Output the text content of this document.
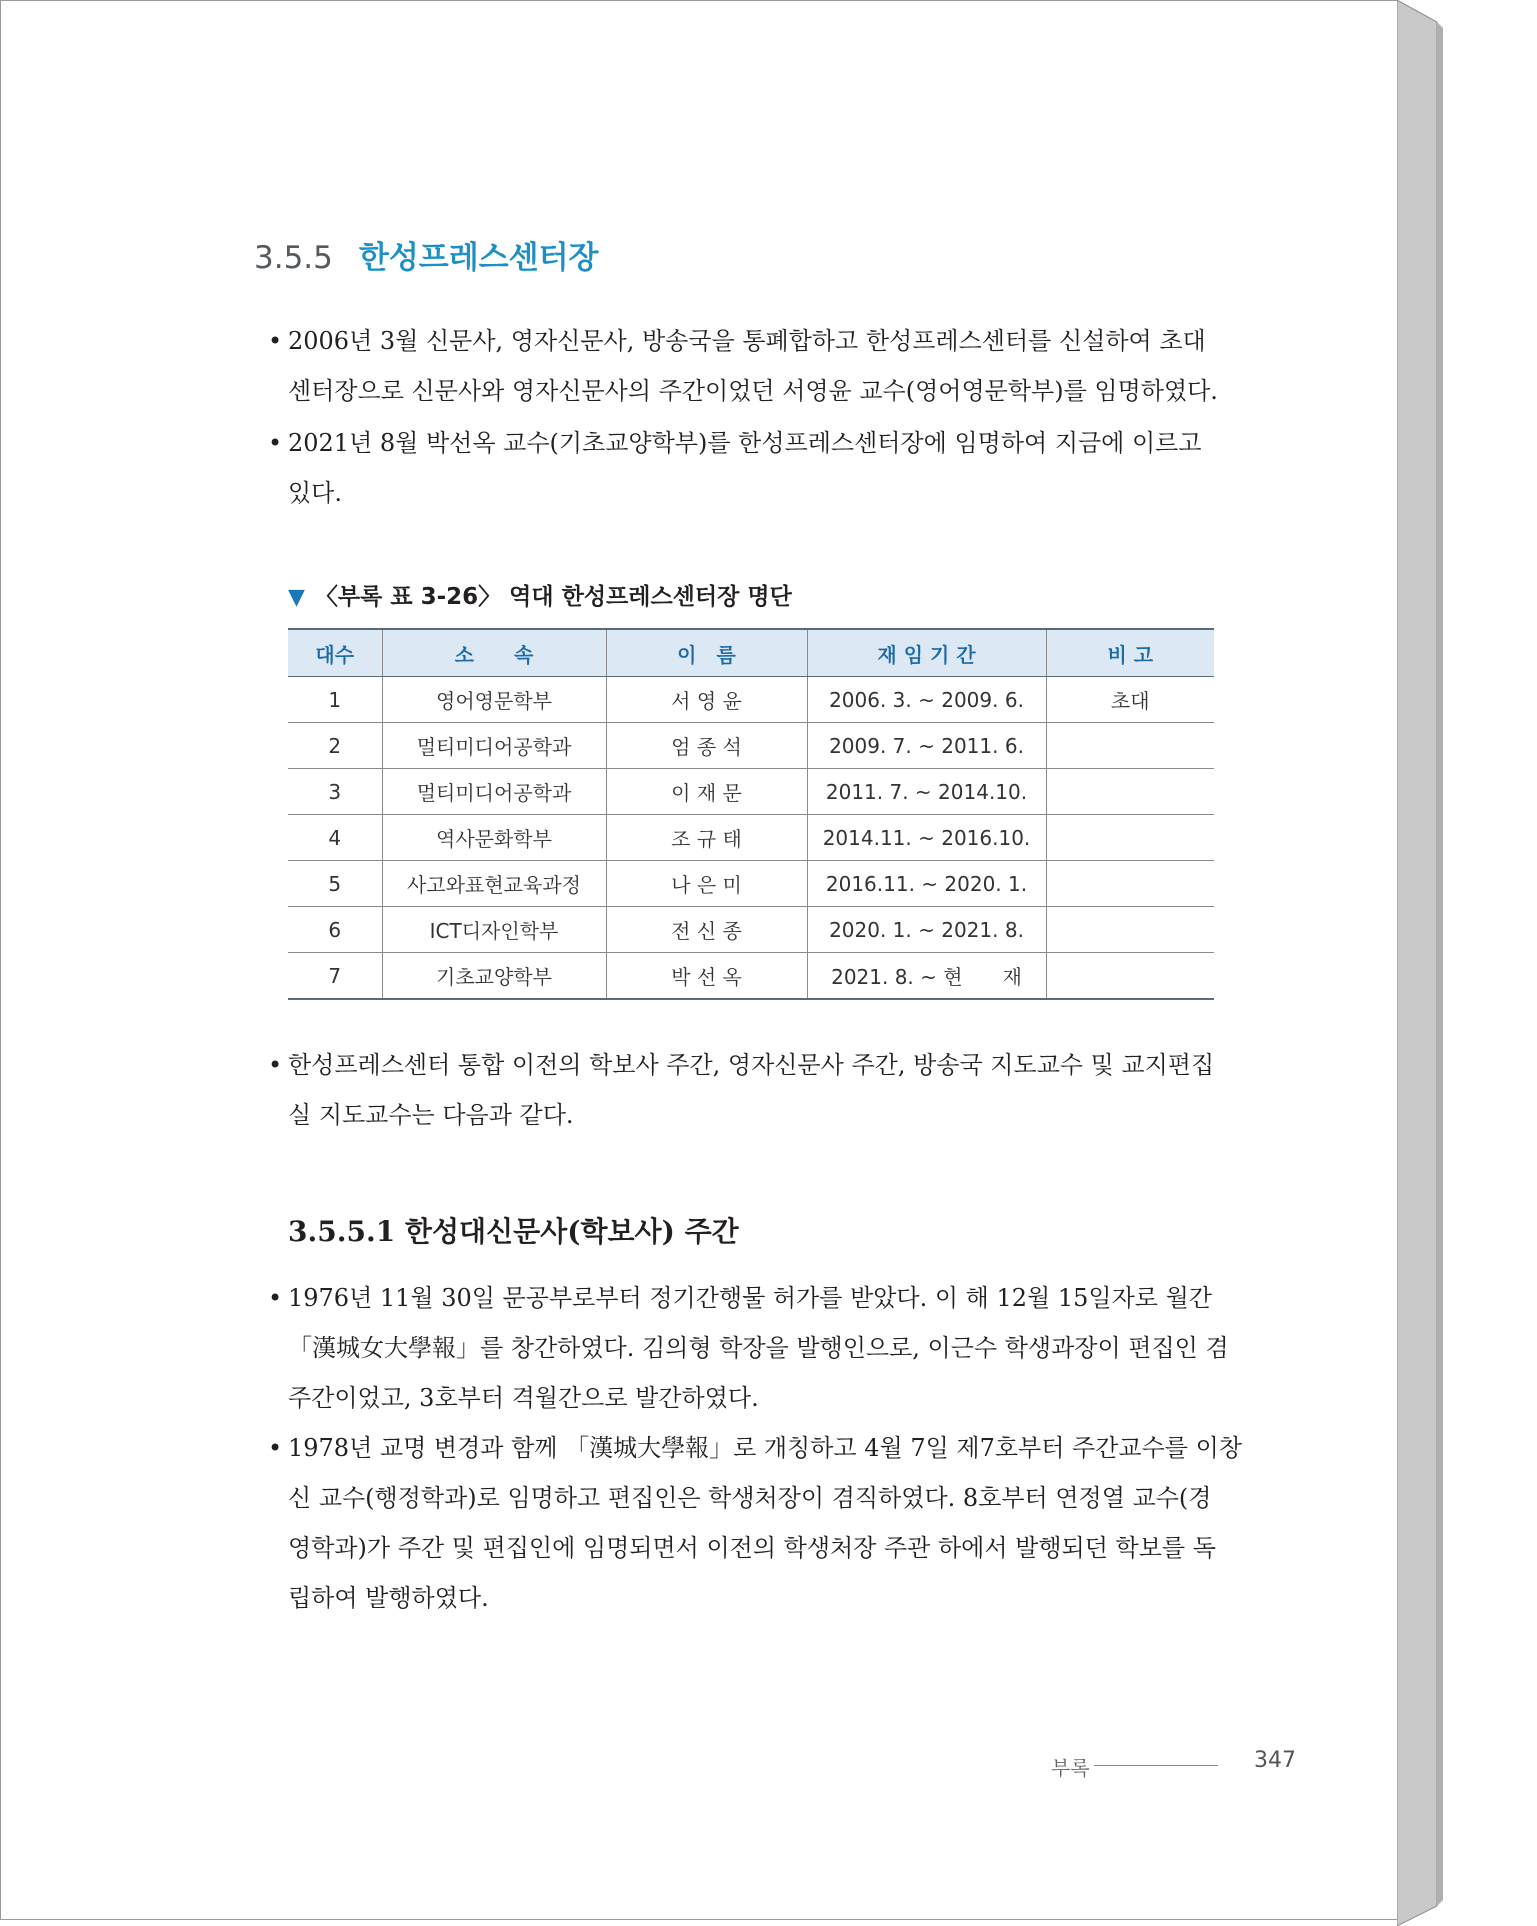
3.5.5 한성프레스센터장
• 2006년 3월 신문사, 영자신문사, 방송국을 통폐합하고 한성프레스센터를 신설하여 초대
센터장으로 신문사와 영자신문사의 주간이었던 서영윤 교수(영어영문학부)를 임명하였다.
• 2021년 8월 박선옥 교수(기초교양학부)를 한성프레스센터장에 임명하여 지금에 이르고
있다.
▼ 〈부록 표 3-26〉 역대 한성프레스센터장 명단
대수	소　　속	이　름	재 임 기 간	비 고
1	영어영문학부	서 영 윤	2006. 3. ~ 2009. 6.	초대
2	멀티미디어공학과	엄 종 석	2009. 7. ~ 2011. 6.	
3	멀티미디어공학과	이 재 문	2011. 7. ~ 2014.10.	
4	역사문화학부	조 규 태	2014.11. ~ 2016.10.	
5	사고와표현교육과정	나 은 미	2016.11. ~ 2020. 1.	
6	ICT디자인학부	전 신 종	2020. 1. ~ 2021. 8.	
7	기초교양학부	박 선 옥	2021. 8. ~ 현　　재	
• 한성프레스센터 통합 이전의 학보사 주간, 영자신문사 주간, 방송국 지도교수 및 교지편집
실 지도교수는 다음과 같다.
3.5.5.1 한성대신문사(학보사) 주간
• 1976년 11월 30일 문공부로부터 정기간행물 허가를 받았다. 이 해 12월 15일자로 월간
「漢城女大學報」를 창간하였다. 김의형 학장을 발행인으로, 이근수 학생과장이 편집인 겸
주간이었고, 3호부터 격월간으로 발간하였다.
• 1978년 교명 변경과 함께 「漢城大學報」로 개칭하고 4월 7일 제7호부터 주간교수를 이창
신 교수(행정학과)로 임명하고 편집인은 학생처장이 겸직하였다. 8호부터 연정열 교수(경
영학과)가 주간 및 편집인에 임명되면서 이전의 학생처장 주관 하에서 발행되던 학보를 독
립하여 발행하였다.
부록	347
